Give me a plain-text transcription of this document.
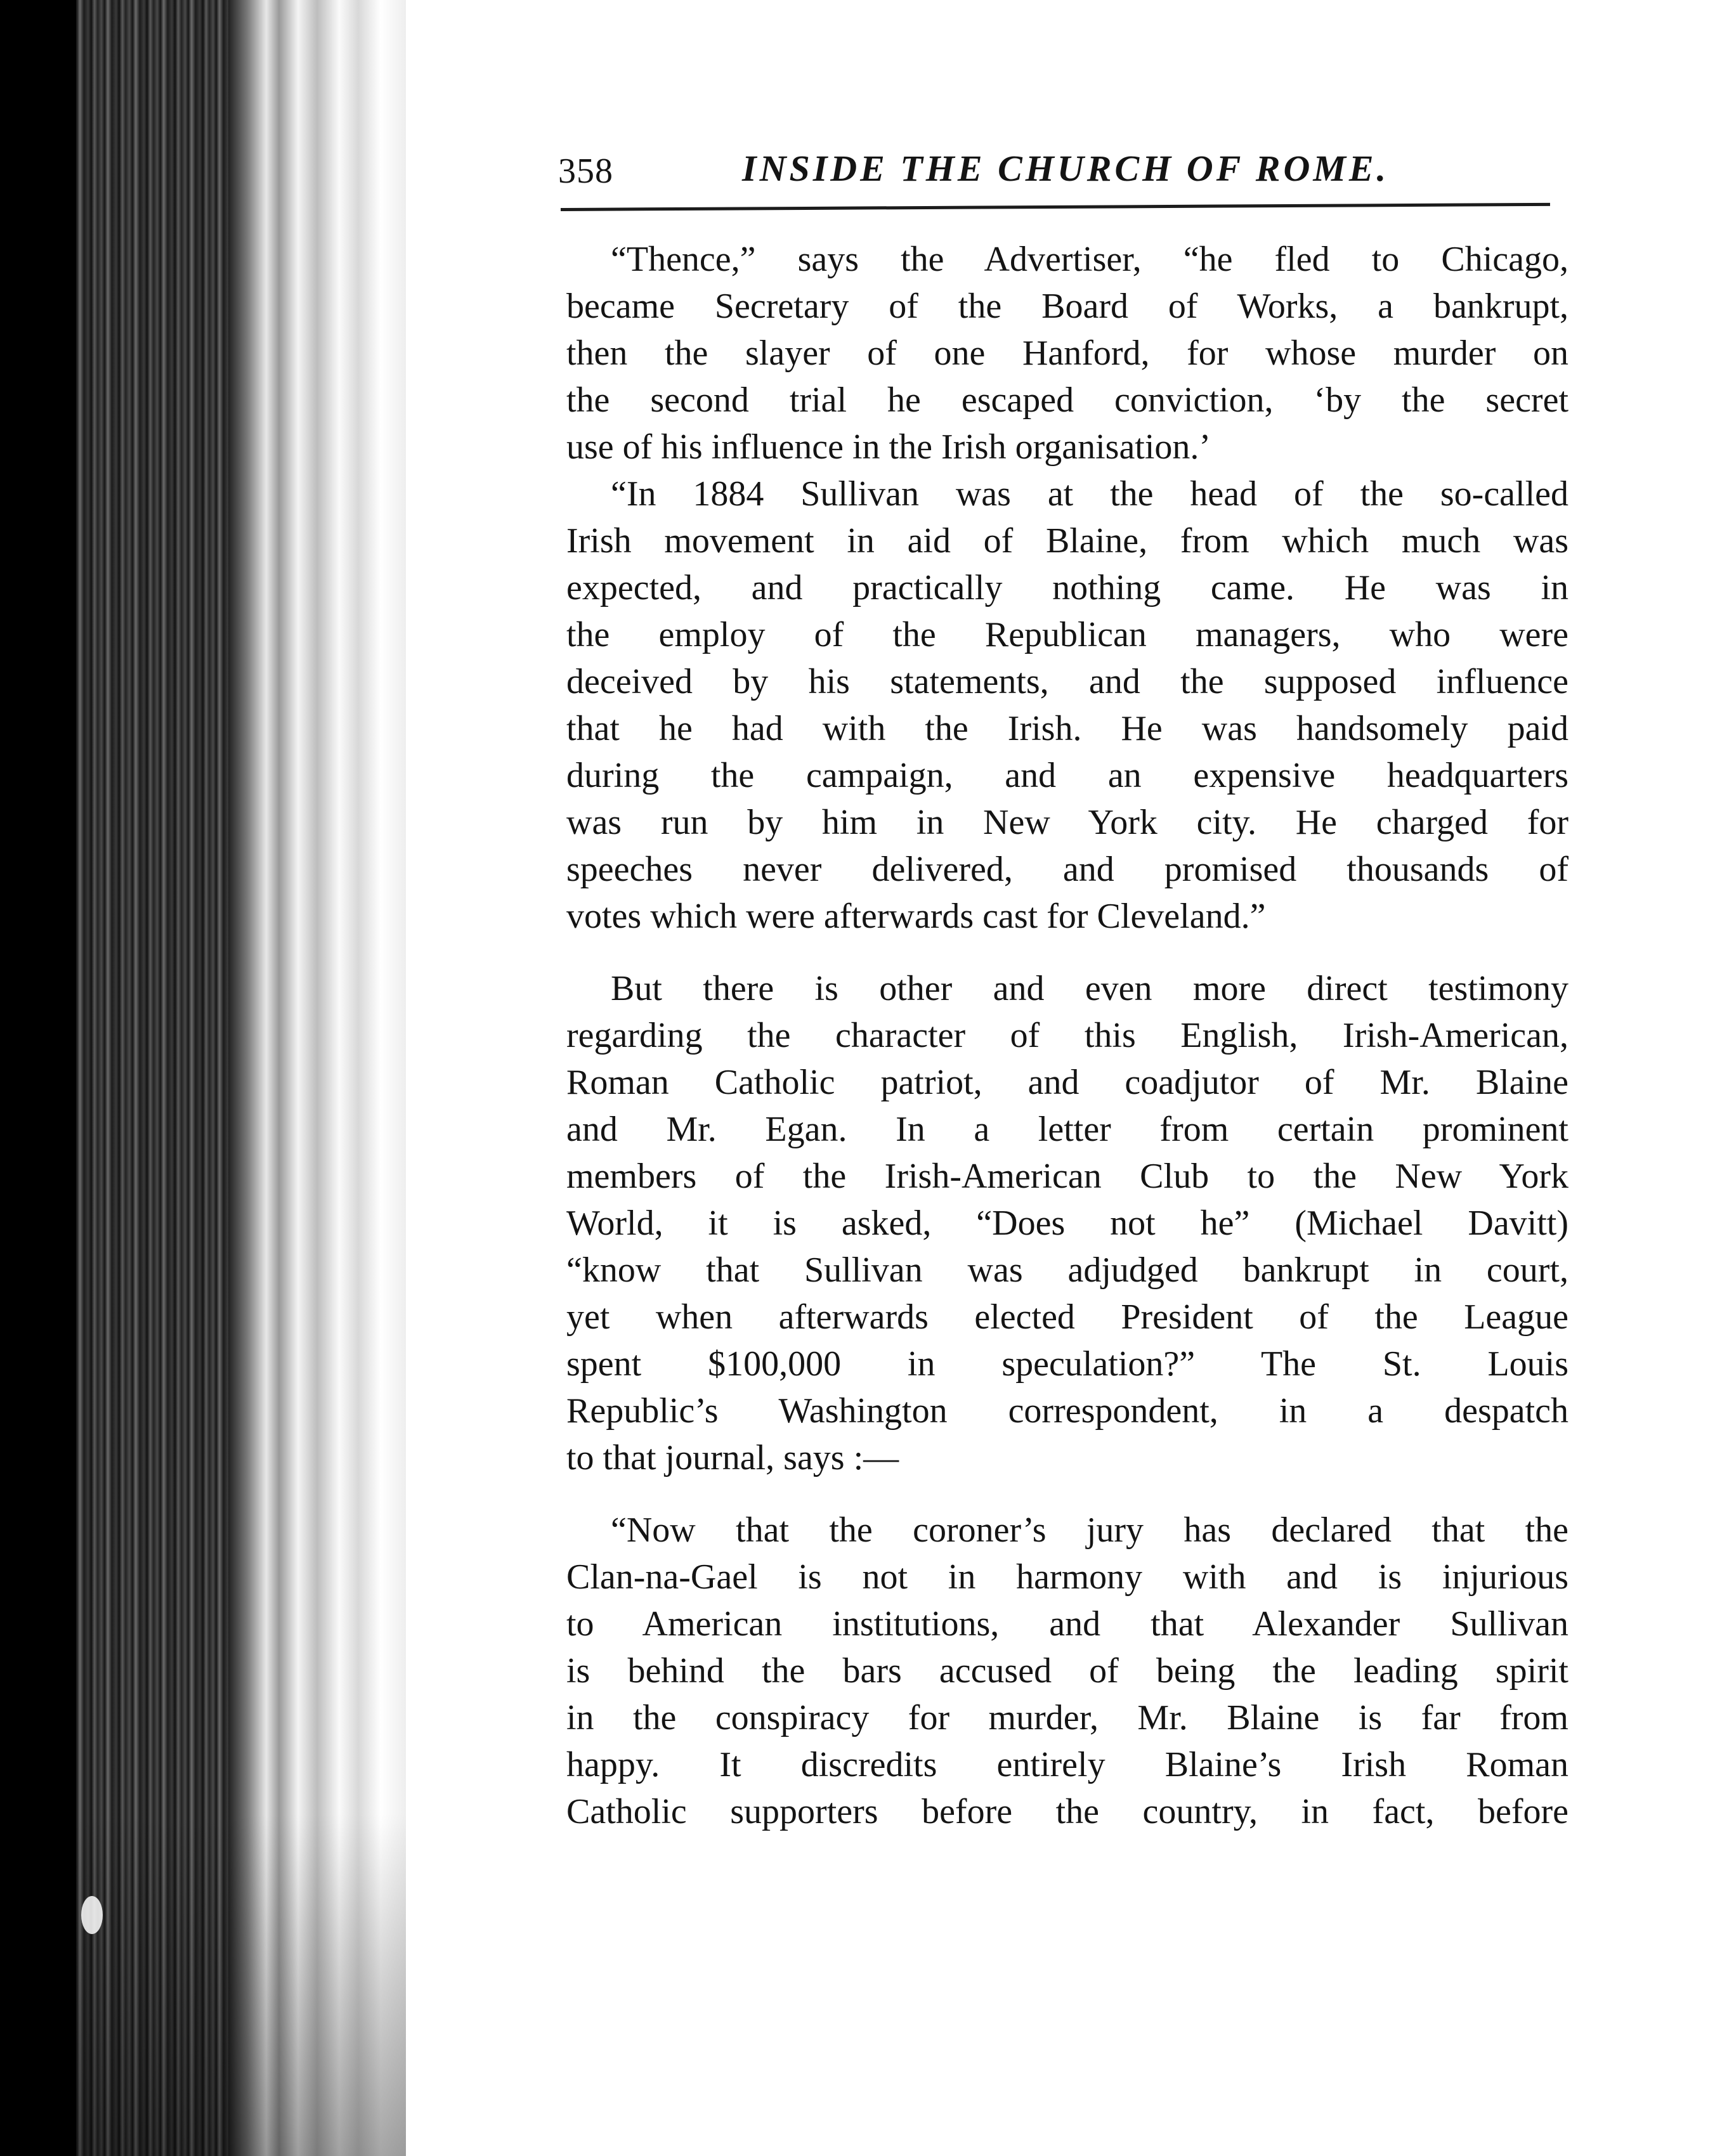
358	INSIDE THE CHURCH OF ROME.
“Thence,” says the Advertiser, “he fled to Chicago,
became Secretary of the Board of Works, a bankrupt,
then the slayer of one Hanford, for whose murder on
the second trial he escaped conviction, ‘by the secret
use of his influence in the Irish organisation.’
“In 1884 Sullivan was at the head of the so-called
Irish movement in aid of Blaine, from which much was
expected, and practically nothing came. He was in
the employ of the Republican managers, who were
deceived by his statements, and the supposed influence
that he had with the Irish. He was handsomely paid
during the campaign, and an expensive headquarters
was run by him in New York city. He charged for
speeches never delivered, and promised thousands of
votes which were afterwards cast for Cleveland.”
But there is other and even more direct testimony
regarding the character of this English, Irish-American,
Roman Catholic patriot, and coadjutor of Mr. Blaine
and Mr. Egan. In a letter from certain prominent
members of the Irish-American Club to the New York
World, it is asked, “Does not he” (Michael Davitt)
“know that Sullivan was adjudged bankrupt in court,
yet when afterwards elected President of the League
spent $100,000 in speculation?” The St. Louis
Republic’s Washington correspondent, in a despatch
to that journal, says :—
“Now that the coroner’s jury has declared that the
Clan-na-Gael is not in harmony with and is injurious
to American institutions, and that Alexander Sullivan
is behind the bars accused of being the leading spirit
in the conspiracy for murder, Mr. Blaine is far from
happy. It discredits entirely Blaine’s Irish Roman
Catholic supporters before the country, in fact, before
